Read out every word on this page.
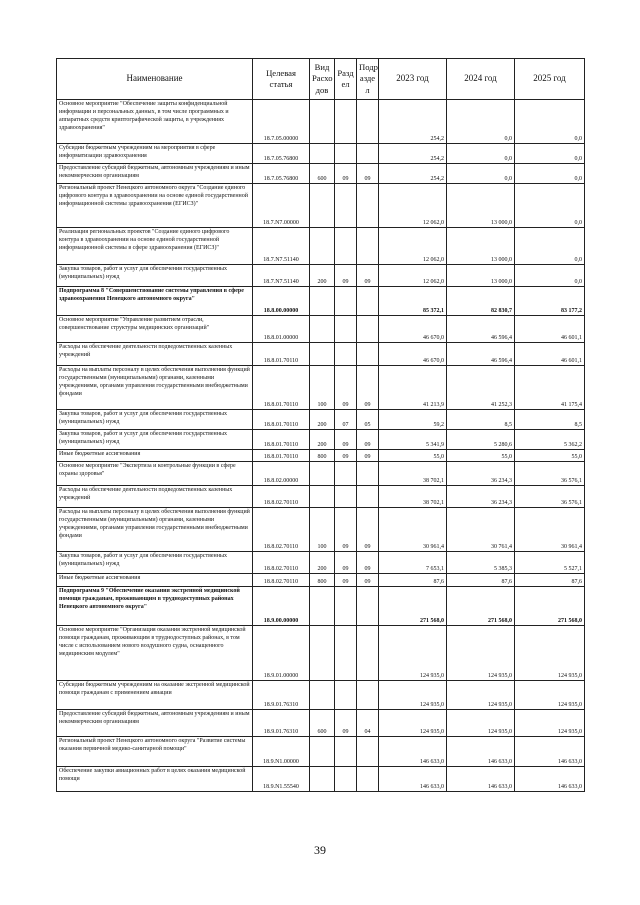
Наименование	Целевая статья	Вид Расхо дов	Разд ел	Подр азде л	2023 год	2024 год	2025 год
Основное мероприятие "Обеспечение защиты конфиденциальной информации и персональных данных, в том числе программных и аппаратных средств криптографической защиты, в учреждениях здравоохранения"	18.7.05.00000				254,2	0,0	0,0
Субсидии бюджетным учреждениям на мероприятия в сфере информатизации здравоохранения	18.7.05.76800				254,2	0,0	0,0
Предоставление субсидий бюджетным, автономным учреждениям и иным некоммерческим организациям	18.7.05.76800	600	09	09	254,2	0,0	0,0
Региональный проект Ненецкого автономного округа "Создание единого цифрового контура в здравоохранении на основе единой государственной информационной системы здравоохранения (ЕГИСЗ)"	18.7.N7.00000				12 062,0	13 000,0	0,0
Реализация региональных проектов "Создание единого цифрового контура в здравоохранении на основе единой государственной информационной системы в сфере здравоохранения (ЕГИСЗ)"	18.7.N7.51140				12 062,0	13 000,0	0,0
Закупка товаров, работ и услуг для обеспечения государственных (муниципальных) нужд	18.7.N7.51140	200	09	09	12 062,0	13 000,0	0,0
Подпрограмма 8 "Совершенствование системы управления в сфере здравоохранения Ненецкого автономного округа"	18.8.00.00000				85 372,1	82 830,7	83 177,2
Основное мероприятие "Управление развитием отрасли, совершенствование структуры медицинских организаций"	18.8.01.00000				46 670,0	46 596,4	46 601,1
Расходы на обеспечение деятельности подведомственных казенных учреждений	18.8.01.70110				46 670,0	46 596,4	46 601,1
Расходы на выплаты персоналу в целях обеспечения выполнения функций государственными (муниципальными) органами, казенными учреждениями, органами управления государственными внебюджетными фондами	18.8.01.70110	100	09	09	41 213,9	41 252,3	41 175,4
Закупка товаров, работ и услуг для обеспечения государственных (муниципальных) нужд	18.8.01.70110	200	07	05	59,2	8,5	8,5
Закупка товаров, работ и услуг для обеспечения государственных (муниципальных) нужд	18.8.01.70110	200	09	09	5 341,9	5 280,6	5 362,2
Иные бюджетные ассигнования	18.8.01.70110	800	09	09	55,0	55,0	55,0
Основное мероприятие "Экспертиза и контрольные функции в сфере охраны здоровья"	18.8.02.00000				38 702,1	36 234,3	36 576,1
Расходы на обеспечение деятельности подведомственных казенных учреждений	18.8.02.70110				38 702,1	36 234,3	36 576,1
Расходы на выплаты персоналу в целях обеспечения выполнения функций государственными (муниципальными) органами, казенными учреждениями, органами управления государственными внебюджетными фондами	18.8.02.70110	100	09	09	30 961,4	30 761,4	30 961,4
Закупка товаров, работ и услуг для обеспечения государственных (муниципальных) нужд	18.8.02.70110	200	09	09	7 653,1	5 385,3	5 527,1
Иные бюджетные ассигнования	18.8.02.70110	800	09	09	87,6	87,6	87,6
Подпрограмма 9 "Обеспечение оказания экстренной медицинской помощи гражданам, проживающим в труднодоступных районах Ненецкого автономного округа"	18.9.00.00000				271 568,0	271 568,0	271 568,0
Основное мероприятие "Организация оказания экстренной медицинской помощи гражданам, проживающим в труднодоступных районах, в том числе с использованием нового воздушного судна, оснащенного медицинским модулем"	18.9.01.00000				124 935,0	124 935,0	124 935,0
Субсидии бюджетным учреждениям на оказание экстренной медицинской помощи гражданам с применением авиации	18.9.01.76310				124 935,0	124 935,0	124 935,0
Предоставление субсидий бюджетным, автономным учреждениям и иным некоммерческим организациям	18.9.01.76310	600	09	04	124 935,0	124 935,0	124 935,0
Региональный проект Ненецкого автономного округа "Развитие системы оказания первичной медико-санитарной помощи"	18.9.N1.00000				146 633,0	146 633,0	146 633,0
Обеспечение закупки авиационных работ в целях оказания медицинской помощи	18.9.N1.55540				146 633,0	146 633,0	146 633,0
39
